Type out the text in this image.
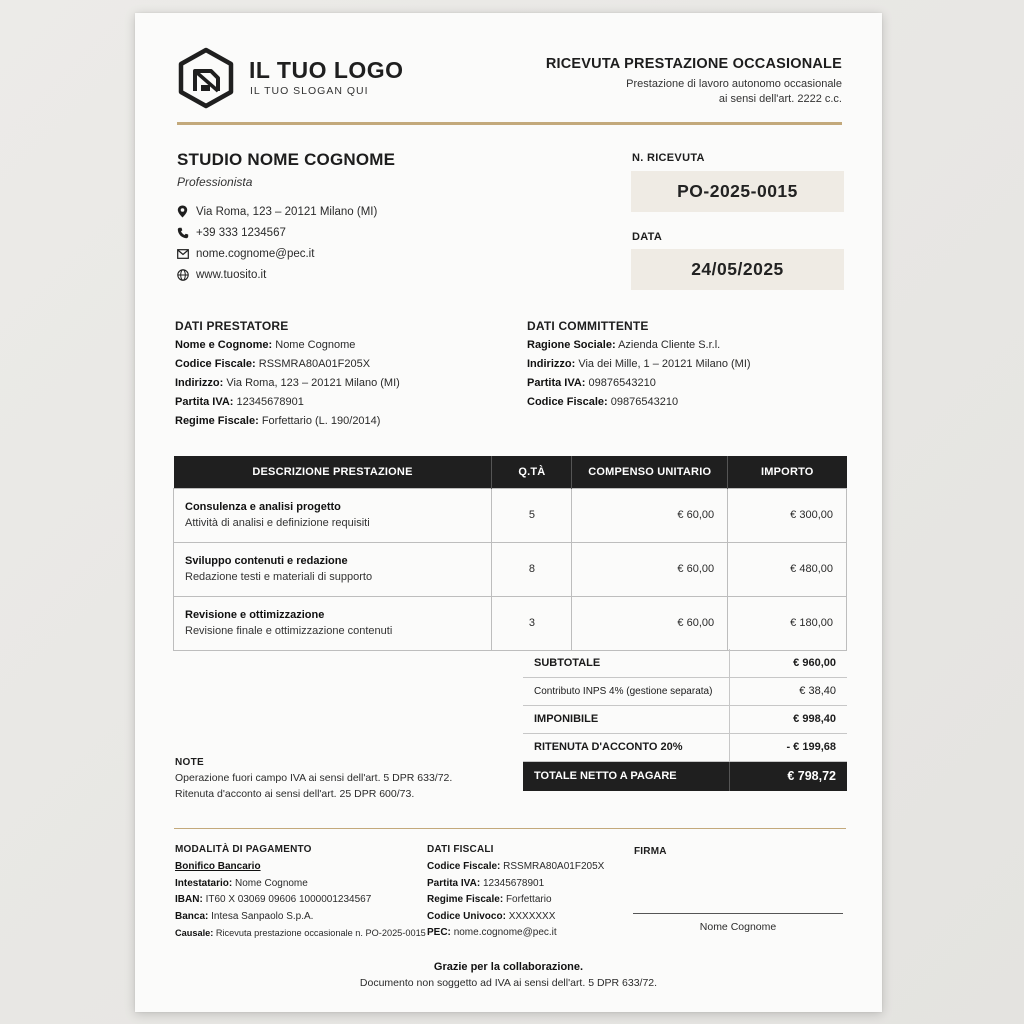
IL TUO LOGO
IL TUO SLOGAN QUI
RICEVUTA PRESTAZIONE OCCASIONALE
Prestazione di lavoro autonomo occasionale
ai sensi dell'art. 2222 c.c.
STUDIO NOME COGNOME
Professionista
Via Roma, 123 – 20121 Milano (MI)
+39 333 1234567
nome.cognome@pec.it
www.tuosito.it
N. RICEVUTA
PO-2025-0015
DATA
24/05/2025
DATI PRESTATORE
Nome e Cognome: Nome Cognome
Codice Fiscale: RSSMRA80A01F205X
Indirizzo: Via Roma, 123 – 20121 Milano (MI)
Partita IVA: 12345678901
Regime Fiscale: Forfettario (L. 190/2014)
DATI COMMITTENTE
Ragione Sociale: Azienda Cliente S.r.l.
Indirizzo: Via dei Mille, 1 – 20121 Milano (MI)
Partita IVA: 09876543210
Codice Fiscale: 09876543210
DESCRIZIONE PRESTAZIONE	Q.TÀ	COMPENSO UNITARIO	IMPORTO

Consulenza e analisi progetto
Attività di analisi e definizione requisiti	5	€ 60,00	€ 300,00

Sviluppo contenuti e redazione
Redazione testi e materiali di supporto	8	€ 60,00	€ 480,00

Revisione e ottimizzazione
Revisione finale e ottimizzazione contenuti	3	€ 60,00	€ 180,00
SUBTOTALE	€ 960,00
Contributo INPS 4% (gestione separata)	€ 38,40
IMPONIBILE	€ 998,40
RITENUTA D'ACCONTO 20%	- € 199,68
TOTALE NETTO A PAGARE	€ 798,72
NOTE
Operazione fuori campo IVA ai sensi dell'art. 5 DPR 633/72.
Ritenuta d'acconto ai sensi dell'art. 25 DPR 600/73.
MODALITÀ DI PAGAMENTO
Bonifico Bancario
Intestatario: Nome Cognome
IBAN: IT60 X 03069 09606 1000001234567
Banca: Intesa Sanpaolo S.p.A.
Causale: Ricevuta prestazione occasionale n. PO-2025-0015
DATI FISCALI
Codice Fiscale: RSSMRA80A01F205X
Partita IVA: 12345678901
Regime Fiscale: Forfettario
Codice Univoco: XXXXXXX
PEC: nome.cognome@pec.it
FIRMA
Nome Cognome
Grazie per la collaborazione.
Documento non soggetto ad IVA ai sensi dell'art. 5 DPR 633/72.
